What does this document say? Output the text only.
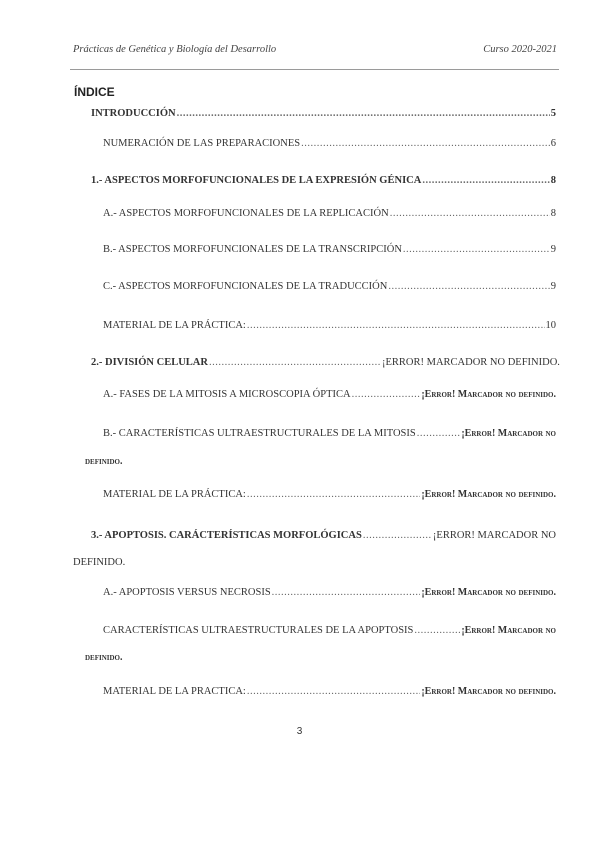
Prácticas de Genética y Biología del Desarrollo	Curso 2020-2021
ÍNDICE
INTRODUCCIÓN .....	5
NUMERACIÓN DE LAS PREPARACIONES .....	6
1.- ASPECTOS MORFOFUNCIONALES DE LA EXPRESIÓN GÉNICA .....	8
A.- ASPECTOS MORFOFUNCIONALES DE LA REPLICACIÓN .....	8
B.- ASPECTOS MORFOFUNCIONALES DE LA TRANSCRIPCIÓN .....	9
C.- ASPECTOS MORFOFUNCIONALES DE LA TRADUCCIÓN .....	9
MATERIAL DE LA PRÁCTICA: .....	10
2.- DIVISIÓN CELULAR .....	¡ERROR! MARCADOR NO DEFINIDO.
A.- FASES DE LA MITOSIS A MICROSCOPIA ÓPTICA .....	¡Error! Marcador no definido.
B.- CARACTERÍSTICAS ULTRAESTRUCTURALES DE LA MITOSIS .....	¡Error! Marcador no
definido.
MATERIAL DE LA PRÁCTICA: .....	¡Error! Marcador no definido.
3.- APOPTOSIS. CARÁCTERÍSTICAS MORFOLÓGICAS .....	¡ERROR! MARCADOR NO
DEFINIDO.
A.- APOPTOSIS VERSUS NECROSIS .....	¡Error! Marcador no definido.
CARACTERÍSTICAS ULTRAESTRUCTURALES DE LA APOPTOSIS .....	¡Error! Marcador no
definido.
MATERIAL DE LA PRACTICA: .....	¡Error! Marcador no definido.
3
